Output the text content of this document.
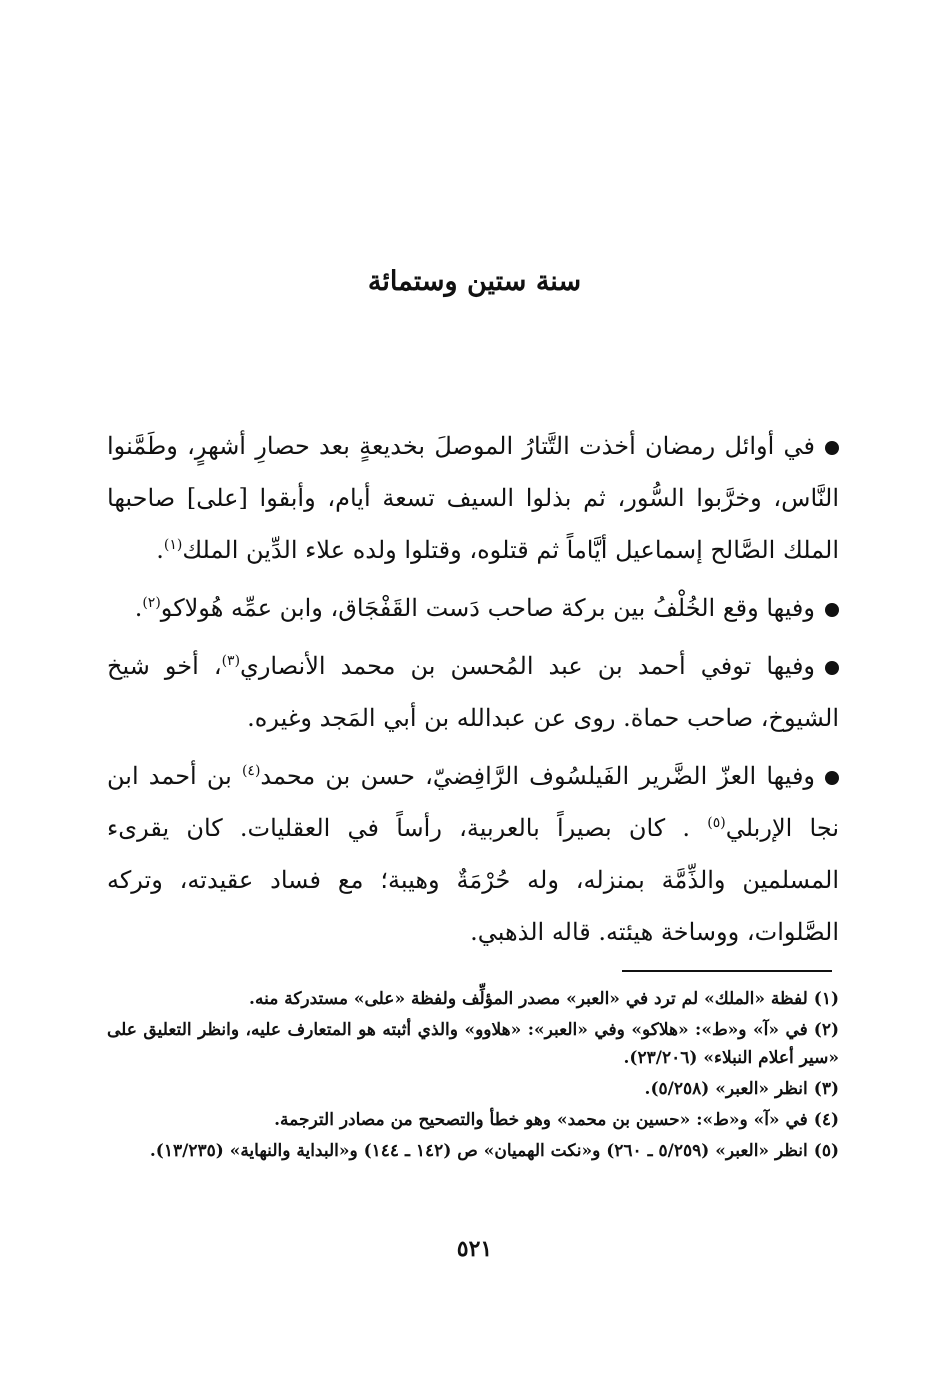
سنة ستين وستمائة

في أوائل رمضان أخذت التَّتارُ الموصلَ بخديعةٍ بعد حصارِ أشهرٍ، وطَمَّنوا النَّاس، وخرَّبوا السُّور، ثم بذلوا السيف تسعة أيام، وأبقوا [على] صاحبها الملك الصَّالح إسماعيل أيَّاماً ثم قتلوه، وقتلوا ولده علاء الدِّين الملك$^{(١)}$.

وفيها وقع الخُلْفُ بين بركة صاحب دَست القَفْجَاق، وابن عمِّه هُولاكو$^{(٢)}$.

وفيها توفي أحمد بن عبد المُحسن بن محمد الأنصاري$^{(٣)}$، أخو شيخ الشيوخ، صاحب حماة. روى عن عبدالله بن أبي المَجد وغيره.

وفيها العزّ الضَّرير الفَيلسُوف الرَّافِضيّ، حسن بن محمد$^{(٤)}$ بن أحمد ابن نجا الإربلي$^{(٥)}$ . كان بصيراً بالعربية، رأساً في العقليات. كان يقرىء المسلمين والذِّمَّة بمنزله، وله حُرْمَةٌ وهيبة؛ مع فساد عقيدته، وتركه الصَّلوات، ووساخة هيئته. قاله الذهبي.

(١)لفظة «الملك» لم ترد في «العبر» مصدر المؤلِّف ولفظة «على» مستدركة منه.

(٢)في «آ» و«ط»: «هلاكو» وفي «العبر»: «هلاوو» والذي أثبته هو المتعارف عليه، وانظر التعليق على «سير أعلام النبلاء» (٢٣/٢٠٦).

(٣)انظر «العبر» (٥/٢٥٨).

(٤)في «آ» و«ط»: «حسين بن محمد» وهو خطأ والتصحيح من مصادر الترجمة.

(٥)انظر «العبر» (٥/٢٥٩ ـ ٢٦٠) و«نكت الهميان» ص (١٤٢ ـ ١٤٤) و«البداية والنهاية» (١٣/٢٣٥).

٥٢١
